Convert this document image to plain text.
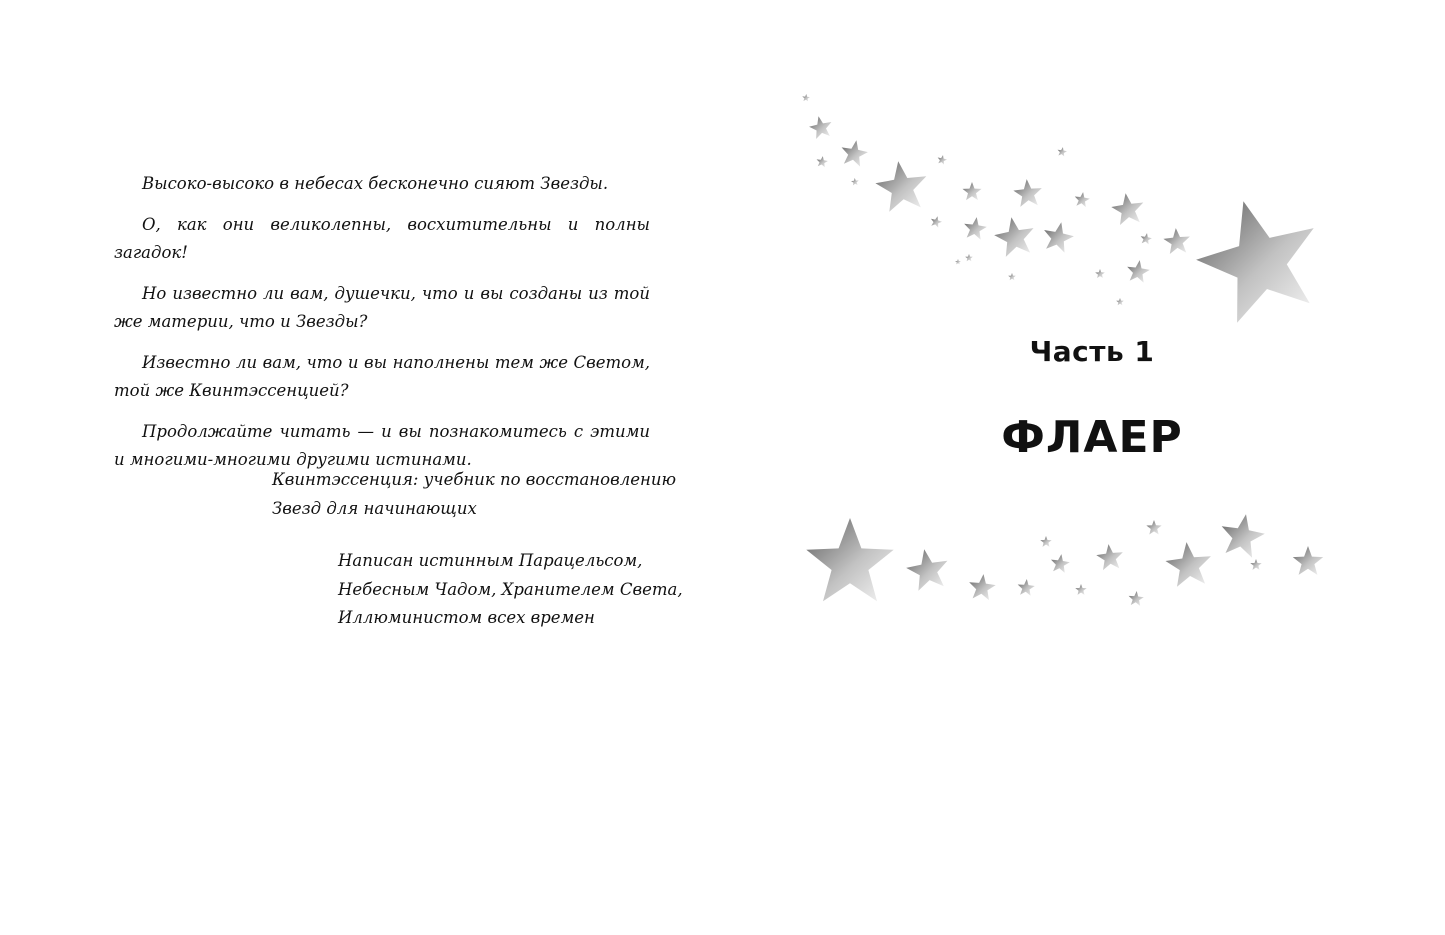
Высоко-высоко в небесах бесконечно сияют Звезды.

О, как они великолепны, восхитительны и полны загадок!

Но известно ли вам, душечки, что и вы созданы из той же материи, что и Звезды?

Известно ли вам, что и вы наполнены тем же Светом, той же Квинтэссенцией?

Продолжайте читать — и вы познакомитесь с этими и многими-многими другими истинами.

Квинтэссенция: учебник по восстановлению
Звезд для начинающих
Написан истинным Парацельсом,
Небесным Чадом, Хранителем Света,
Иллюминистом всех времен
Часть 1
ФЛАЕР
